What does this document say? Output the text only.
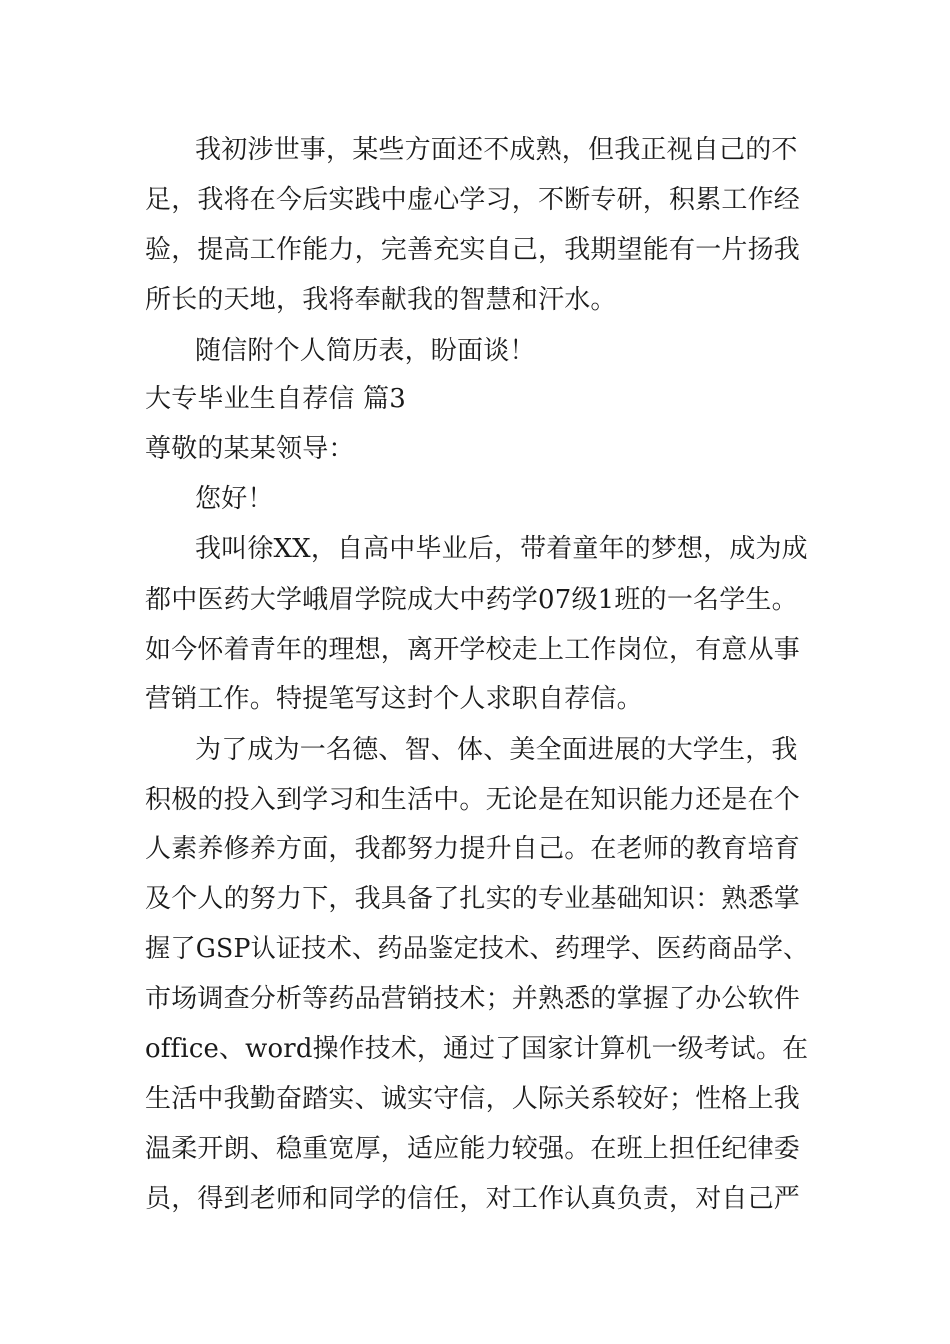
我初涉世事，某些方面还不成熟，但我正视自己的不
足，我将在今后实践中虚心学习，不断专研，积累工作经
验，提高工作能力，完善充实自己，我期望能有一片扬我
所长的天地，我将奉献我的智慧和汗水。
随信附个人简历表，盼面谈！
大专毕业生自荐信 篇3
尊敬的某某领导：
您好！
我叫徐XX，自高中毕业后，带着童年的梦想，成为成
都中医药大学峨眉学院成大中药学07级1班的一名学生。
如今怀着青年的理想，离开学校走上工作岗位，有意从事
营销工作。特提笔写这封个人求职自荐信。
为了成为一名德、智、体、美全面进展的大学生，我
积极的投入到学习和生活中。无论是在知识能力还是在个
人素养修养方面，我都努力提升自己。在老师的教育培育
及个人的努力下，我具备了扎实的专业基础知识：熟悉掌
握了GSP认证技术、药品鉴定技术、药理学、医药商品学、
市场调查分析等药品营销技术；并熟悉的掌握了办公软件
office、word操作技术，通过了国家计算机一级考试。在
生活中我勤奋踏实、诚实守信，人际关系较好；性格上我
温柔开朗、稳重宽厚，适应能力较强。在班上担任纪律委
员，得到老师和同学的信任，对工作认真负责，对自己严
